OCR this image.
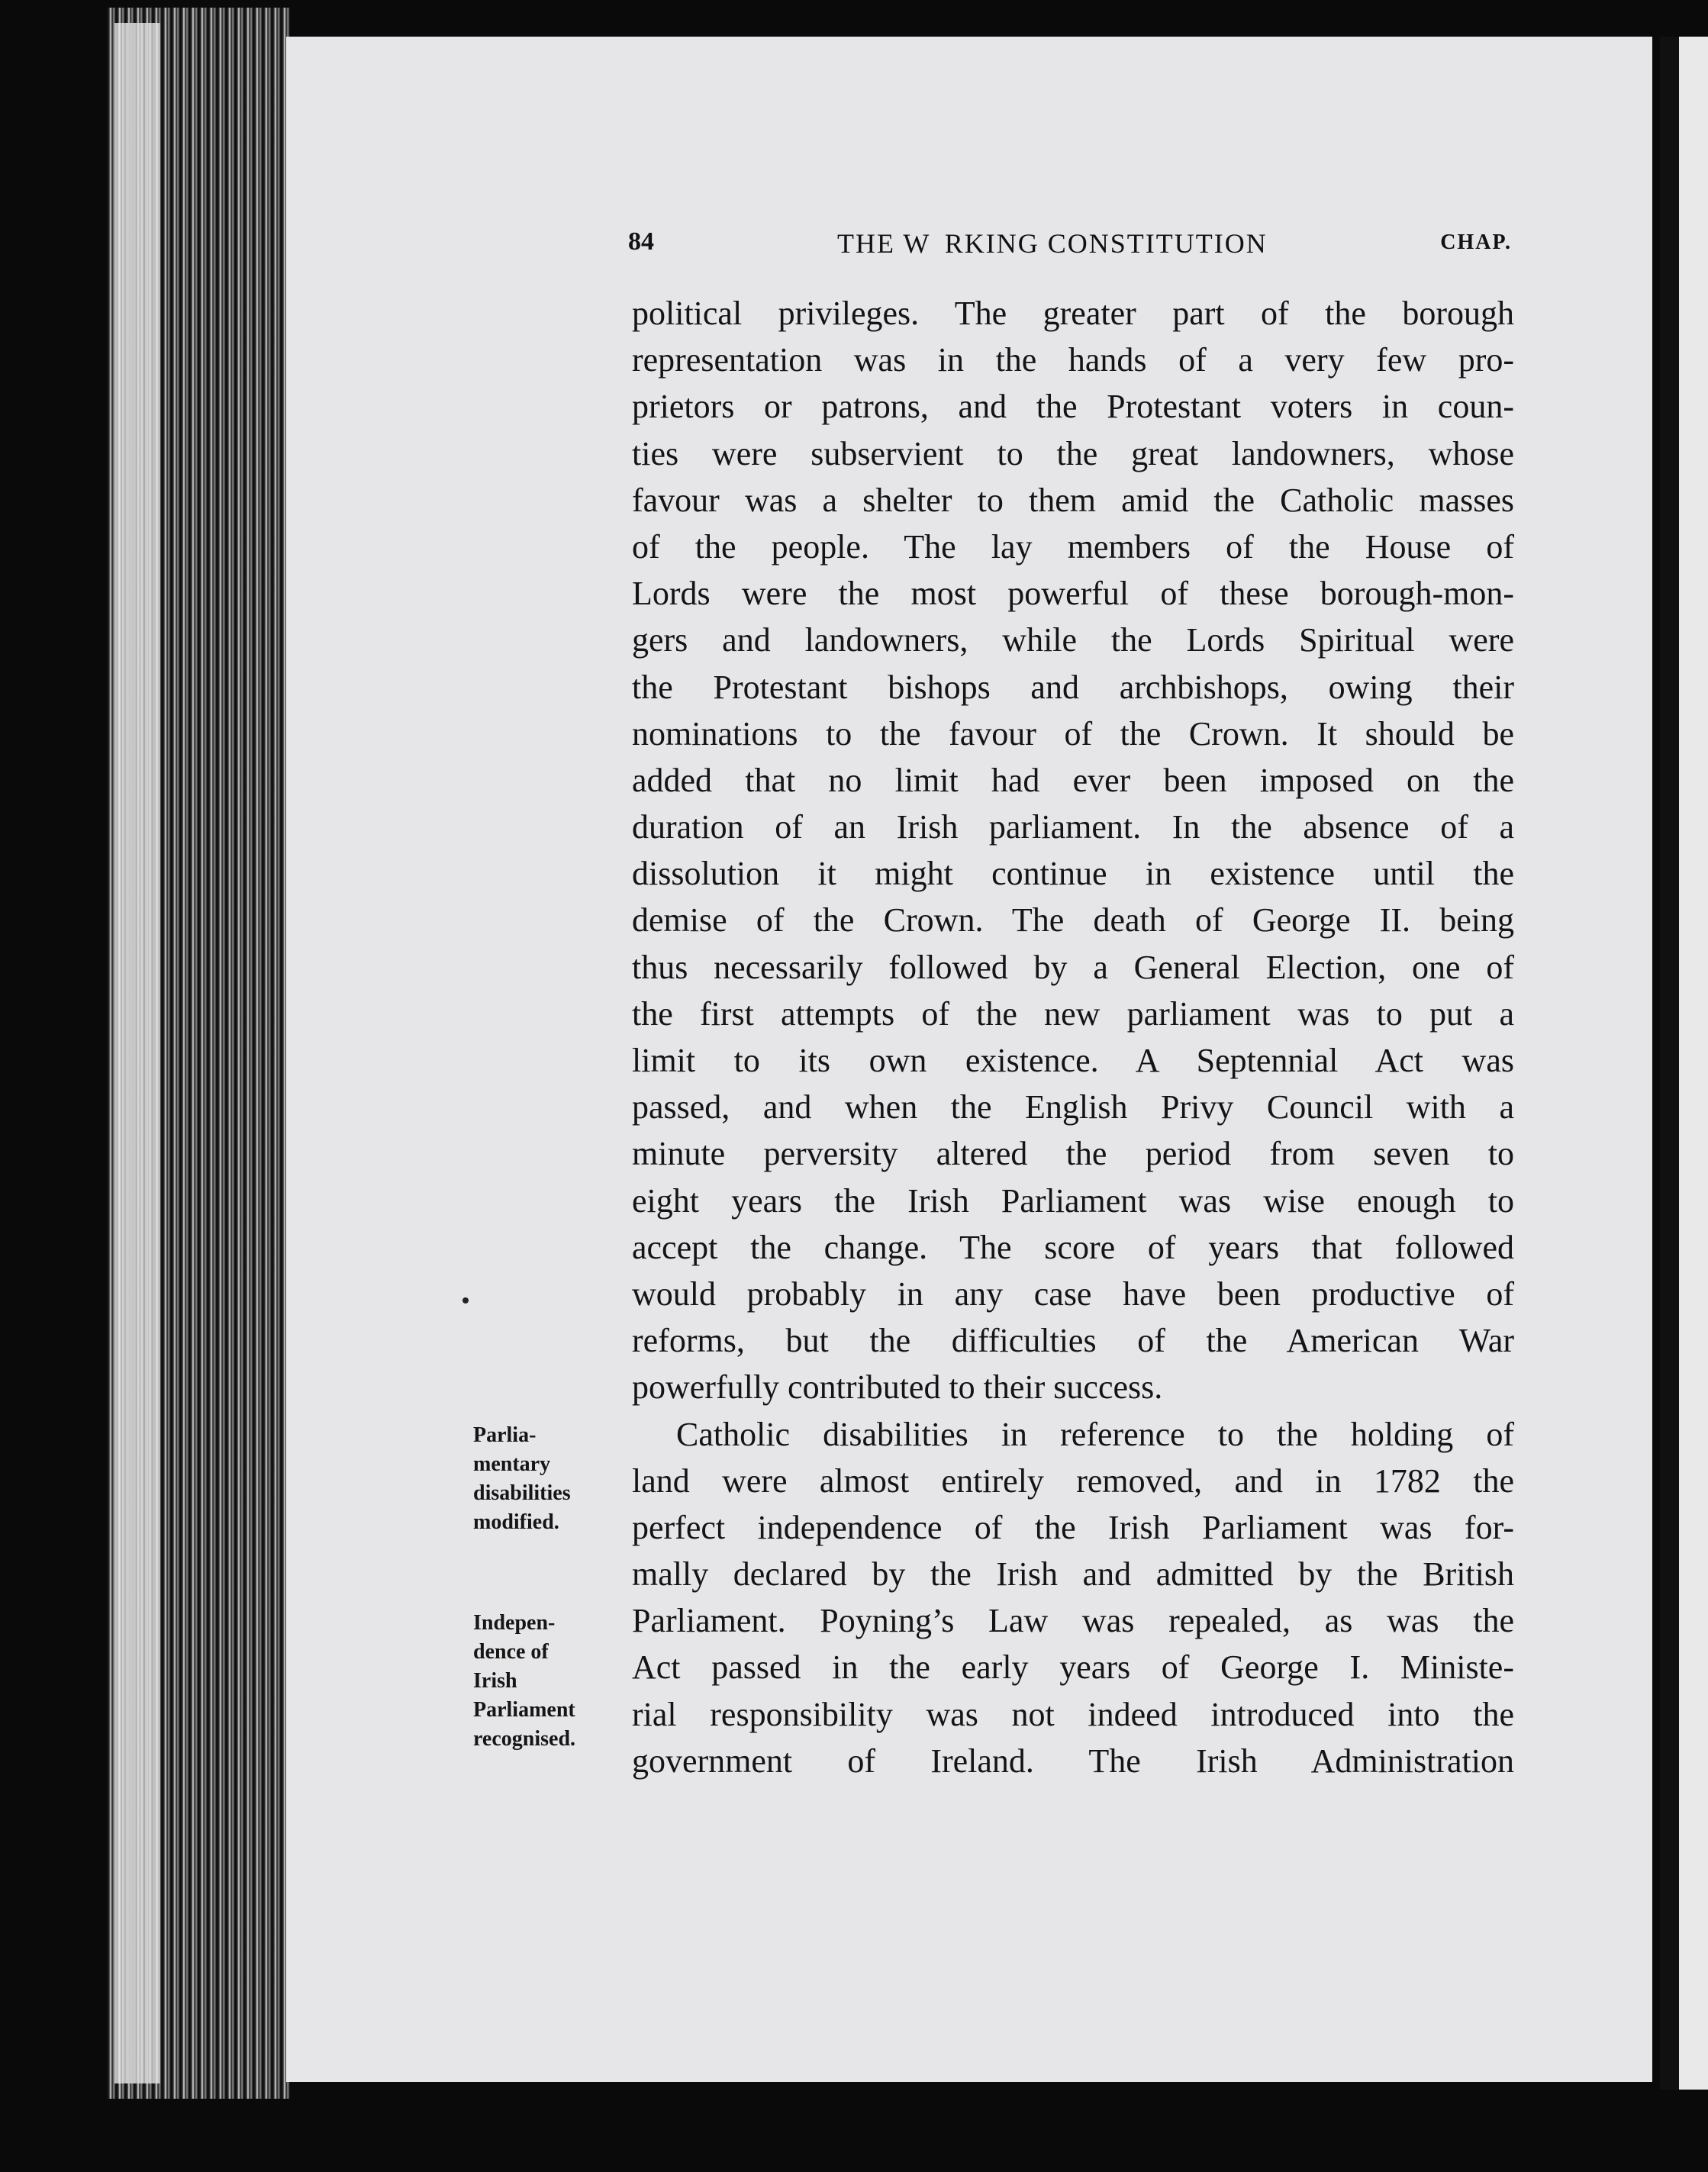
84	THE W  RKING CONSTITUTION	CHAP.
political privileges. The greater part of the borough
representation was in the hands of a very few pro-
prietors or patrons, and the Protestant voters in coun-
ties were subservient to the great landowners, whose
favour was a shelter to them amid the Catholic masses
of the people. The lay members of the House of
Lords were the most powerful of these borough-mon-
gers and landowners, while the Lords Spiritual were
the Protestant bishops and archbishops, owing their
nominations to the favour of the Crown. It should be
added that no limit had ever been imposed on the
duration of an Irish parliament. In the absence of a
dissolution it might continue in existence until the
demise of the Crown. The death of George II. being
thus necessarily followed by a General Election, one of
the first attempts of the new parliament was to put a
limit to its own existence. A Septennial Act was
passed, and when the English Privy Council with a
minute perversity altered the period from seven to
eight years the Irish Parliament was wise enough to
accept the change. The score of years that followed
would probably in any case have been productive of
reforms, but the difficulties of the American War
powerfully contributed to their success.
Catholic disabilities in reference to the holding of
land were almost entirely removed, and in 1782 the
perfect independence of the Irish Parliament was for-
mally declared by the Irish and admitted by the British
Parliament. Poyning’s Law was repealed, as was the
Act passed in the early years of George I. Ministe-
rial responsibility was not indeed introduced into the
government of Ireland. The Irish Administration
Parlia-
mentary
disabilities
modified.
Indepen-
dence of
Irish
Parliament
recognised.
